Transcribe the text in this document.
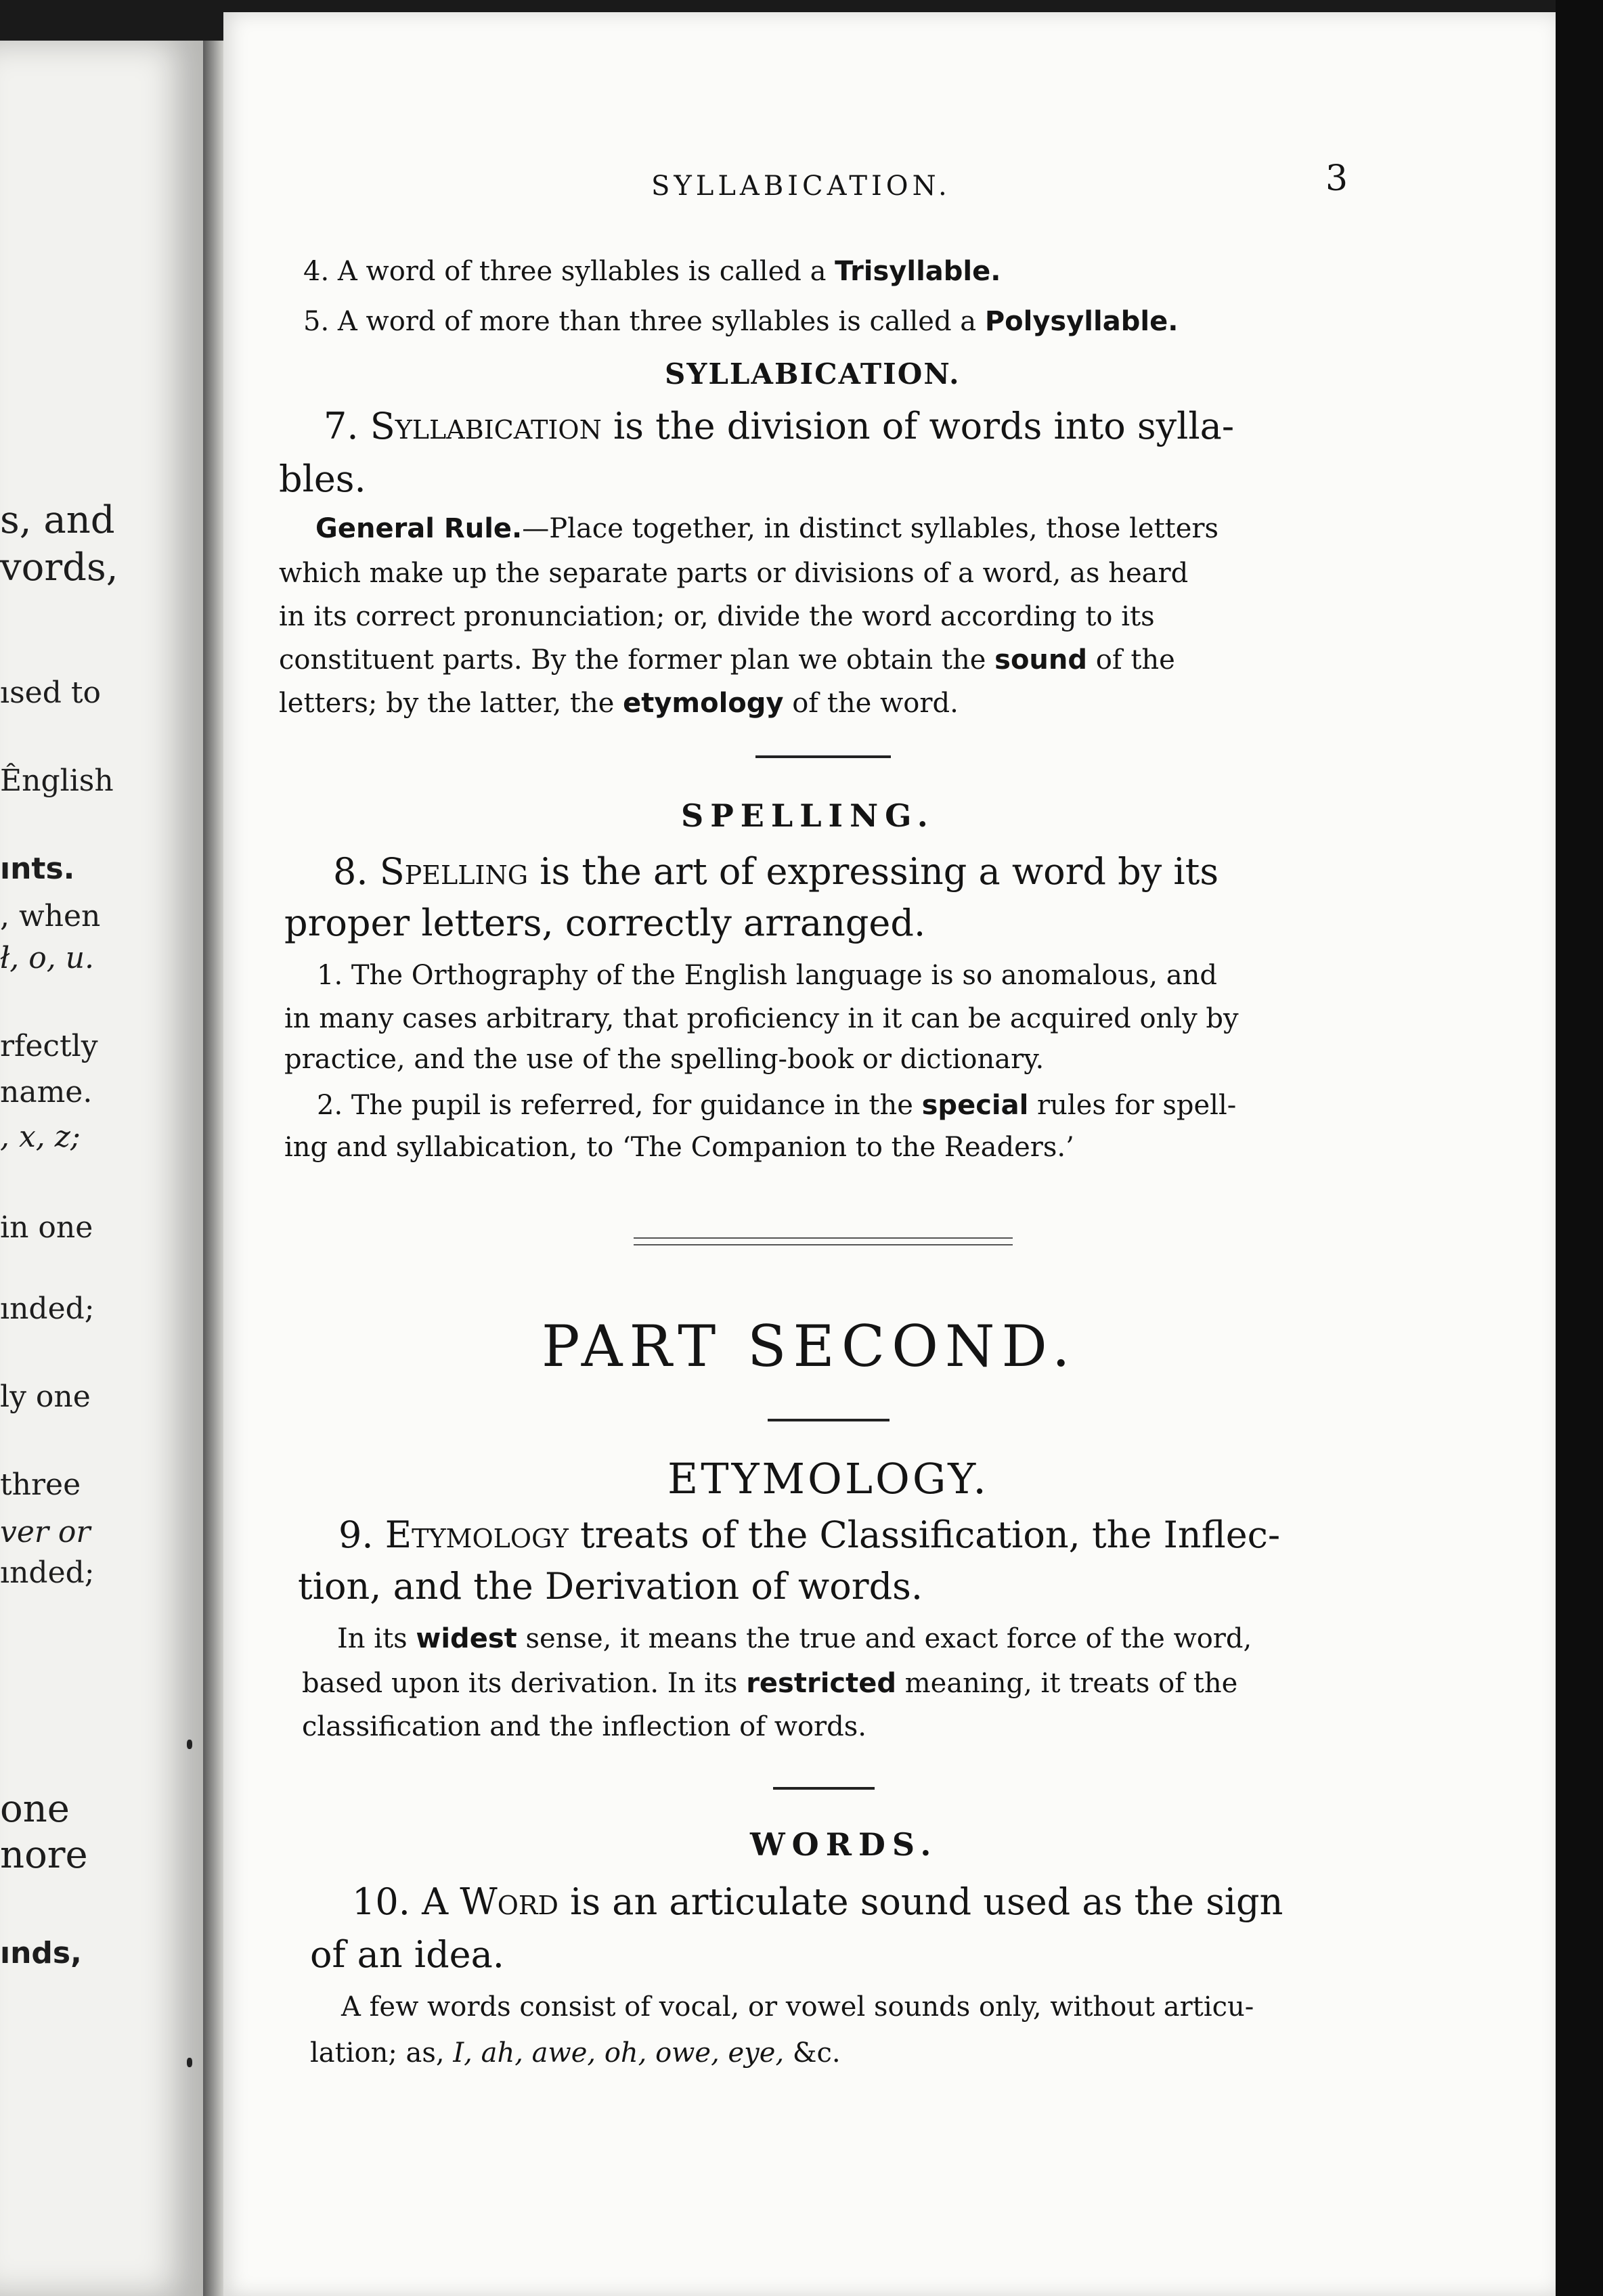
s, and
vords,
ısed to
Ênglish
ınts.
, when
ł, o, u.
rfectly
name.
, x, z;
in one
ınded;
ly one
three
ver or
ınded;
one
nore
ınds,
SYLLABICATION.	3
4. A word of three syllables is called a Trisyllable.
5. A word of more than three syllables is called a Polysyllable.
SYLLABICATION.
7. Syllabication is the division of words into sylla-
bles.
General Rule.—Place together, in distinct syllables, those letters
which make up the separate parts or divisions of a word, as heard
in its correct pronunciation; or, divide the word according to its
constituent parts. By the former plan we obtain the sound of the
letters; by the latter, the etymology of the word.
SPELLING.
8. Spelling is the art of expressing a word by its
proper letters, correctly arranged.
1. The Orthography of the English language is so anomalous, and
in many cases arbitrary, that proficiency in it can be acquired only by
practice, and the use of the spelling-book or dictionary.
2. The pupil is referred, for guidance in the special rules for spell-
ing and syllabication, to ‘The Companion to the Readers.’
PART SECOND.
ETYMOLOGY.
9. Etymology treats of the Classification, the Inflec-
tion, and the Derivation of words.
In its widest sense, it means the true and exact force of the word,
based upon its derivation. In its restricted meaning, it treats of the
classification and the inflection of words.
WORDS.
10. A Word is an articulate sound used as the sign
of an idea.
A few words consist of vocal, or vowel sounds only, without articu-
lation; as, I, ah, awe, oh, owe, eye, &c.
